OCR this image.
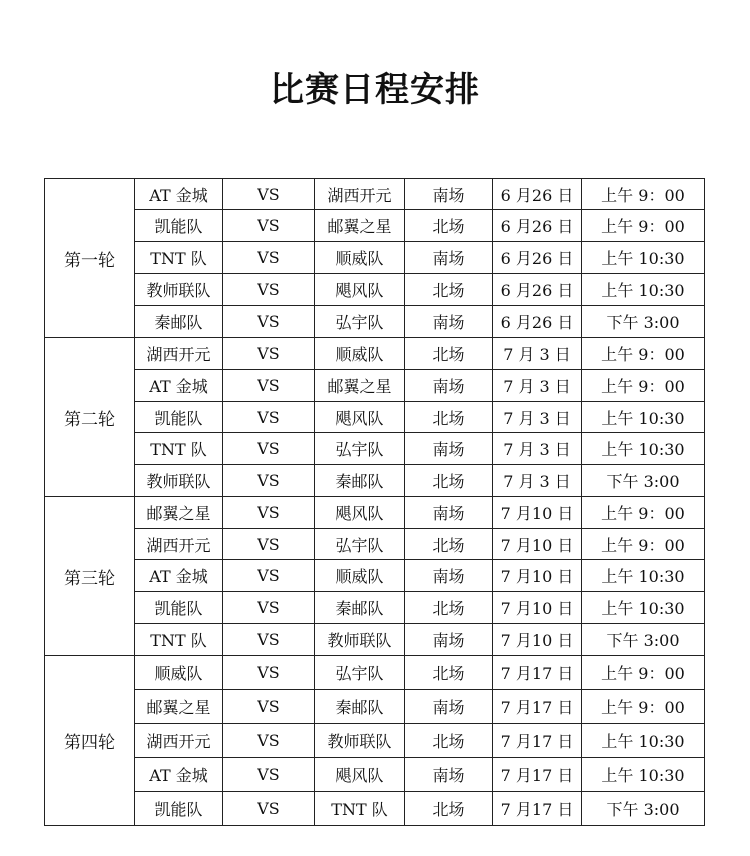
比赛日程安排
第一轮	AT 金城	VS	湖西开元	南场	6 月26 日	上午 9：00
	凯能队	VS	邮翼之星	北场	6 月26 日	上午 9：00
	TNT 队	VS	顺威队	南场	6 月26 日	上午 10:30
	教师联队	VS	飓风队	北场	6 月26 日	上午 10:30
	秦邮队	VS	弘宇队	南场	6 月26 日	下午 3:00
第二轮	湖西开元	VS	顺威队	北场	7 月 3 日	上午 9：00
	AT 金城	VS	邮翼之星	南场	7 月 3 日	上午 9：00
	凯能队	VS	飓风队	北场	7 月 3 日	上午 10:30
	TNT 队	VS	弘宇队	南场	7 月 3 日	上午 10:30
	教师联队	VS	秦邮队	北场	7 月 3 日	下午 3:00
第三轮	邮翼之星	VS	飓风队	南场	7 月10 日	上午 9：00
	湖西开元	VS	弘宇队	北场	7 月10 日	上午 9：00
	AT 金城	VS	顺威队	南场	7 月10 日	上午 10:30
	凯能队	VS	秦邮队	北场	7 月10 日	上午 10:30
	TNT 队	VS	教师联队	南场	7 月10 日	下午 3:00
第四轮	顺威队	VS	弘宇队	北场	7 月17 日	上午 9：00
	邮翼之星	VS	秦邮队	南场	7 月17 日	上午 9：00
	湖西开元	VS	教师联队	北场	7 月17 日	上午 10:30
	AT 金城	VS	飓风队	南场	7 月17 日	上午 10:30
	凯能队	VS	TNT 队	北场	7 月17 日	下午 3:00
